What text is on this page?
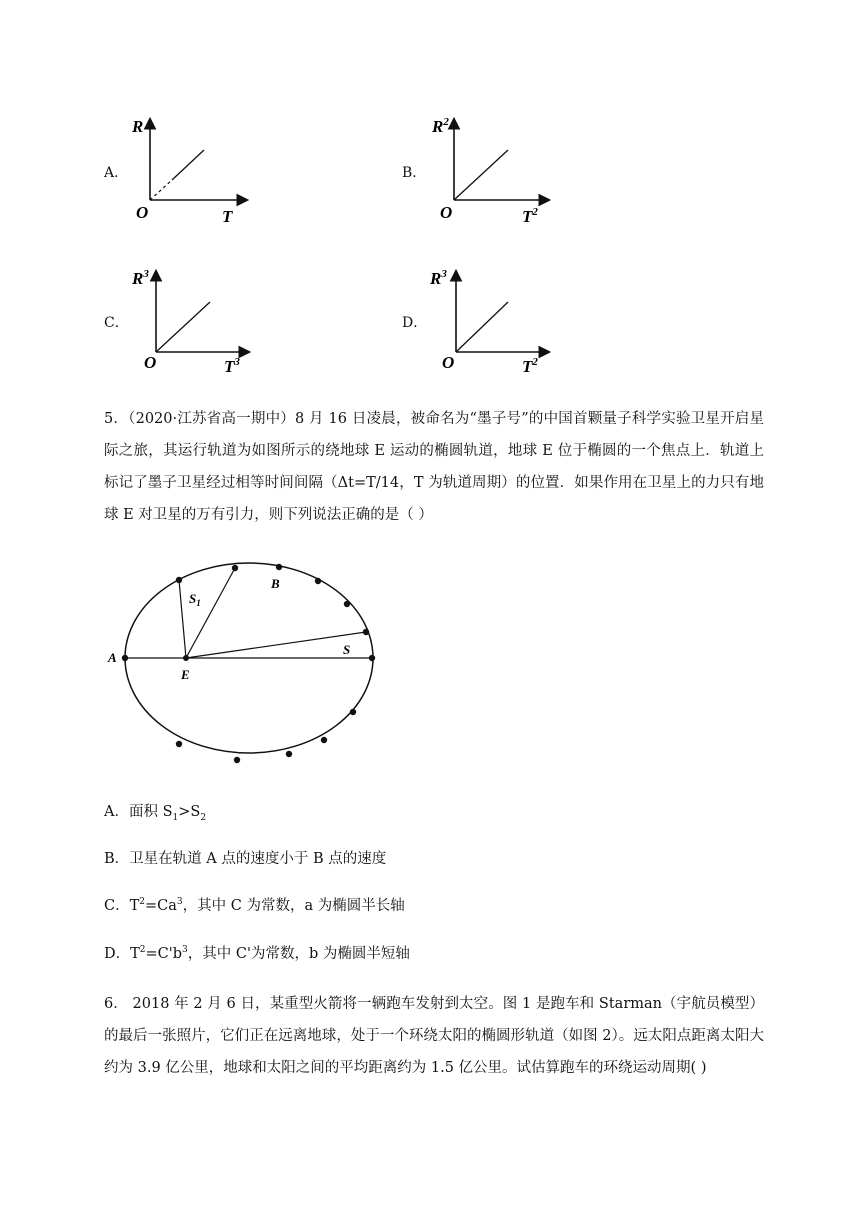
A．
R
O	T
B．
$R^2$
O	$T^2$
C．
$R^3$
O	$T^3$
D．
$R^3$
O	$T^2$
5．（2020·江苏省高一期中）8 月 16 日凌晨，被命名为“墨子号”的中国首颗量子科学实验卫星开启星际之旅，其运行轨道为如图所示的绕地球 E 运动的椭圆轨道，地球 E 位于椭圆的一个焦点上．轨道上标记了墨子卫星经过相等时间间隔（Δt=T/14，T 为轨道周期）的位置．如果作用在卫星上的力只有地球 E 对卫星的万有引力，则下列说法正确的是（ ）
A
E
B
$S_1$
S
A．面积 $S_1>S_2$
B．卫星在轨道 A 点的速度小于 B 点的速度
C．$T^2=Ca^3$，其中 C 为常数，a 为椭圆半长轴
D．$T^2=C'b^3$，其中 C'为常数，b 为椭圆半短轴
6． 2018 年 2 月 6 日，某重型火箭将一辆跑车发射到太空。图 1 是跑车和 Starman（宇航员模型）的最后一张照片，它们正在远离地球，处于一个环绕太阳的椭圆形轨道（如图 2）。远太阳点距离太阳大约为 3.9 亿公里，地球和太阳之间的平均距离约为 1.5 亿公里。试估算跑车的环绕运动周期( )
